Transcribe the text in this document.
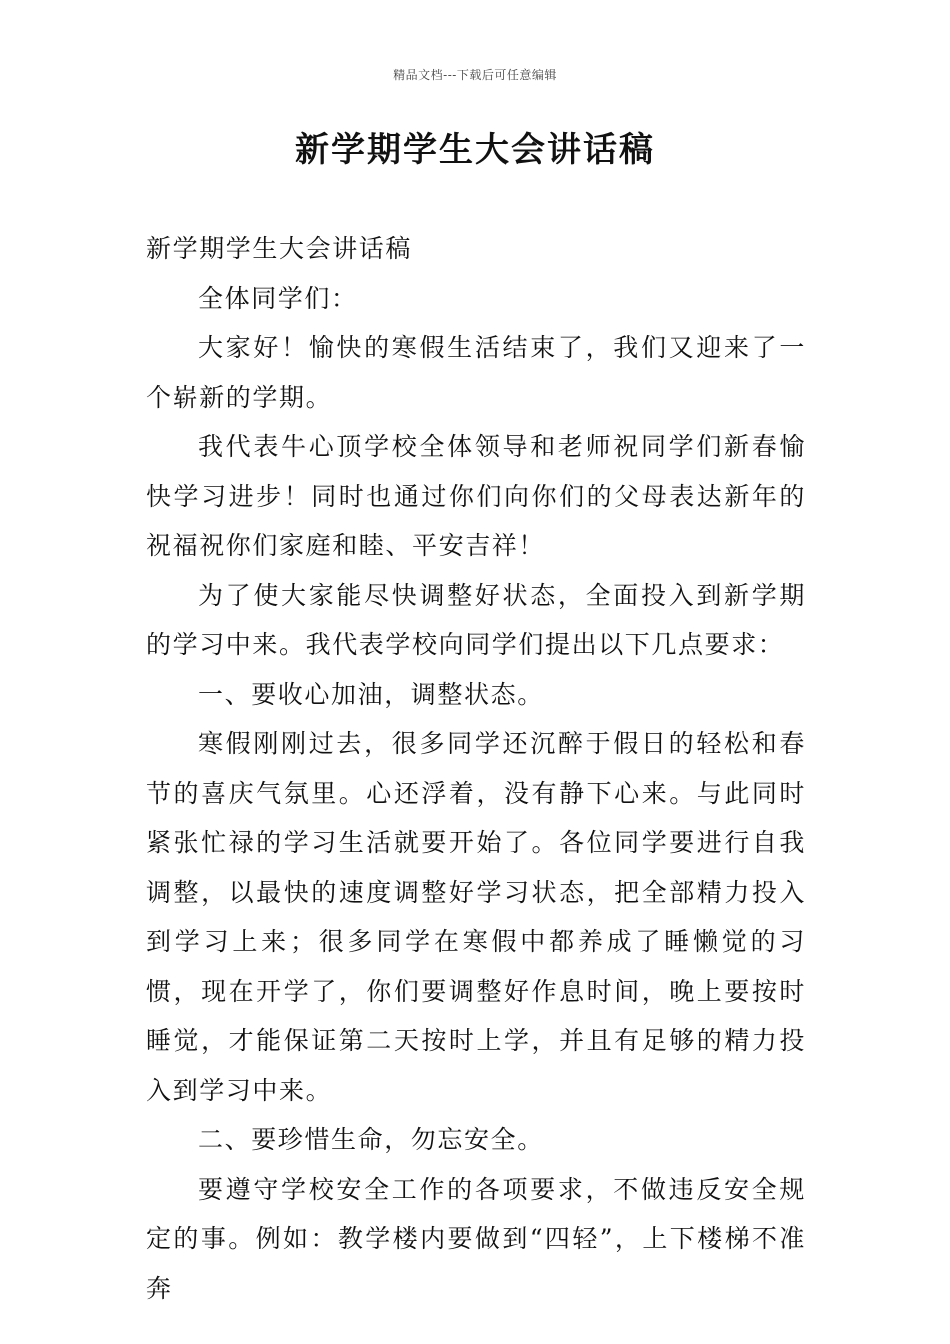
精品文档---下载后可任意编辑
新学期学生大会讲话稿

新学期学生大会讲话稿

全体同学们：

大家好！愉快的寒假生活结束了，我们又迎来了一个崭新的学期。

我代表牛心顶学校全体领导和老师祝同学们新春愉快学习进步！同时也通过你们向你们的父母表达新年的祝福祝你们家庭和睦、平安吉祥！

为了使大家能尽快调整好状态，全面投入到新学期的学习中来。我代表学校向同学们提出以下几点要求：

一、要收心加油，调整状态。

寒假刚刚过去，很多同学还沉醉于假日的轻松和春节的喜庆气氛里。心还浮着，没有静下心来。与此同时紧张忙禄的学习生活就要开始了。各位同学要进行自我调整，以最快的速度调整好学习状态，把全部精力投入到学习上来；很多同学在寒假中都养成了睡懒觉的习惯，现在开学了，你们要调整好作息时间，晚上要按时睡觉，才能保证第二天按时上学，并且有足够的精力投入到学习中来。

二、要珍惜生命，勿忘安全。

要遵守学校安全工作的各项要求，不做违反安全规定的事。例如：教学楼内要做到“四轻”，上下楼梯不准奔
